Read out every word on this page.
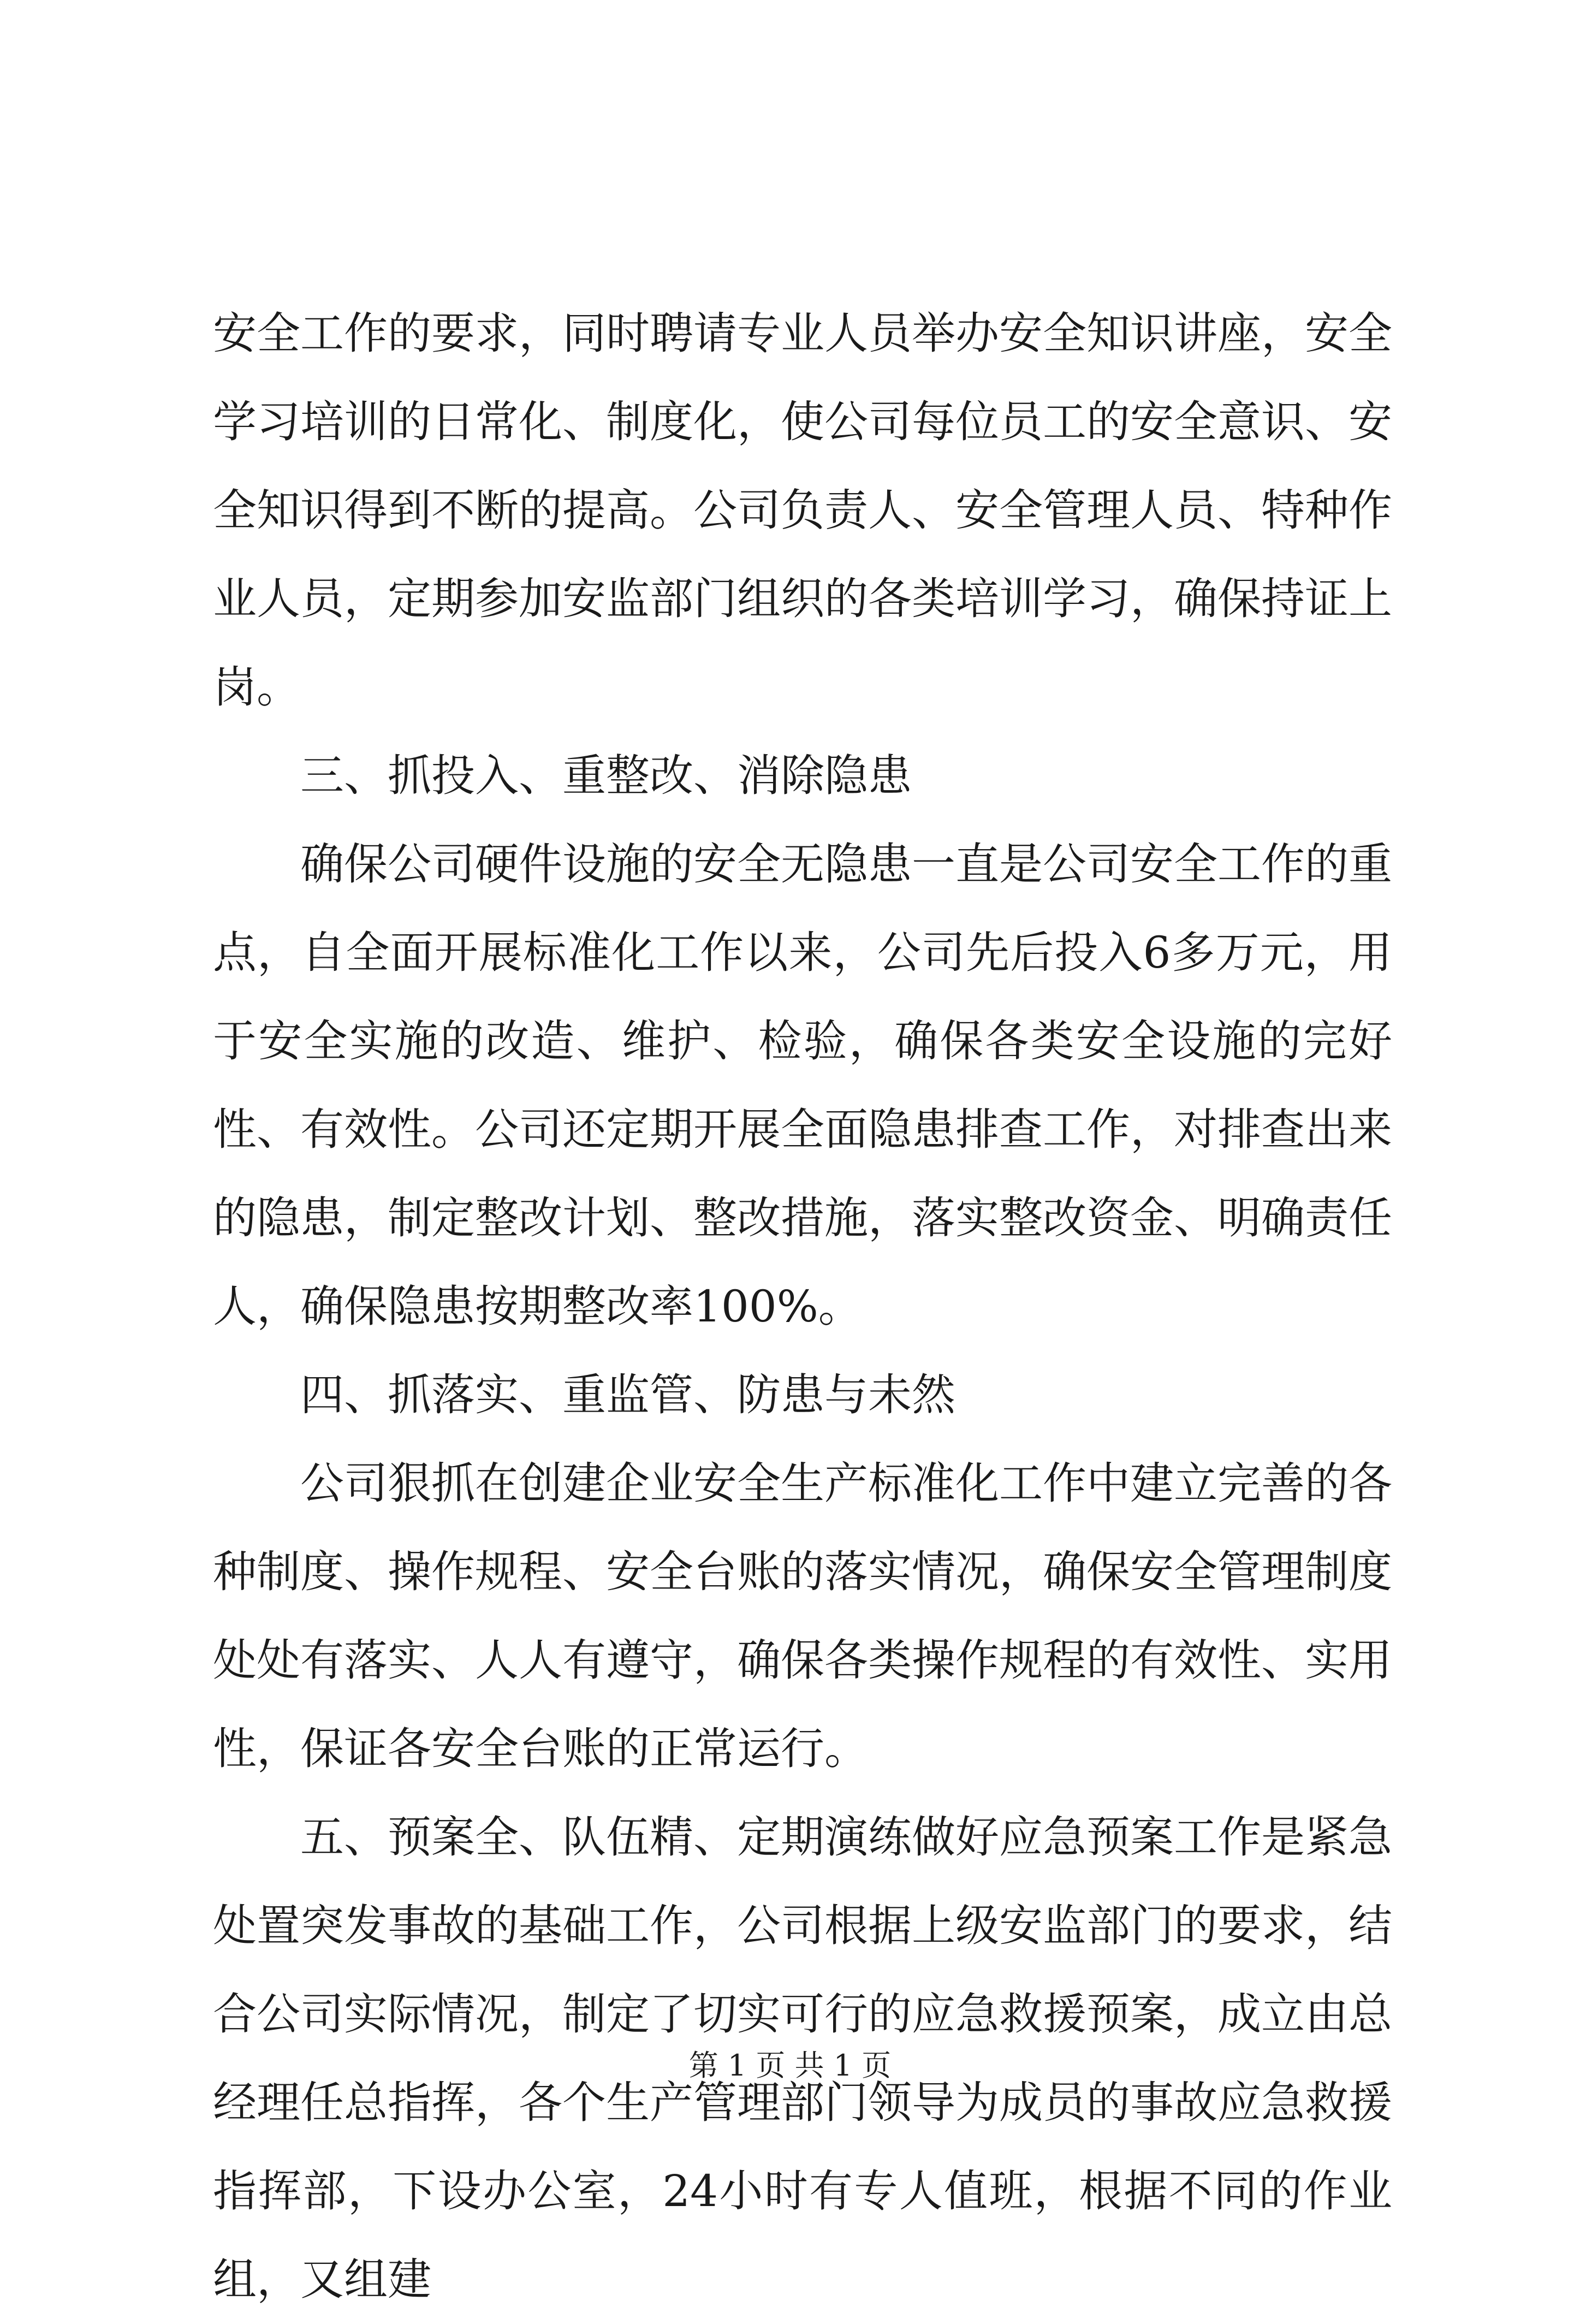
安全工作的要求，同时聘请专业人员举办安全知识讲座，安全学习培训的日常化、制度化，使公司每位员工的安全意识、安全知识得到不断的提高。公司负责人、安全管理人员、特种作业人员，定期参加安监部门组织的各类培训学习，确保持证上岗。

三、抓投入、重整改、消除隐患

确保公司硬件设施的安全无隐患一直是公司安全工作的重点，自全面开展标准化工作以来，公司先后投入6多万元，用于安全实施的改造、维护、检验，确保各类安全设施的完好性、有效性。公司还定期开展全面隐患排查工作，对排查出来的隐患，制定整改计划、整改措施，落实整改资金、明确责任人，确保隐患按期整改率100%。

四、抓落实、重监管、防患与未然

公司狠抓在创建企业安全生产标准化工作中建立完善的各种制度、操作规程、安全台账的落实情况，确保安全管理制度处处有落实、人人有遵守，确保各类操作规程的有效性、实用性，保证各安全台账的正常运行。

五、预案全、队伍精、定期演练做好应急预案工作是紧急处置突发事故的基础工作，公司根据上级安监部门的要求，结合公司实际情况，制定了切实可行的应急救援预案，成立由总经理任总指挥，各个生产管理部门领导为成员的事故应急救援指挥部，下设办公室，24小时有专人值班，根据不同的作业组，又组建

第 1 页 共 1 页
